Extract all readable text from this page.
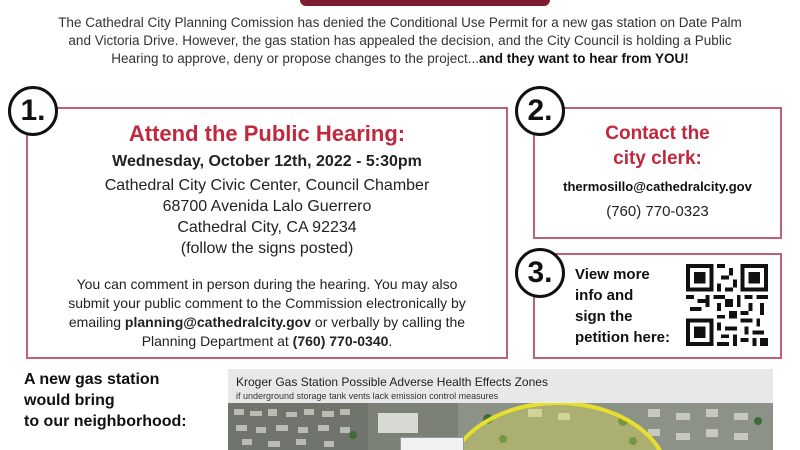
The Cathedral City Planning Comission has denied the Conditional Use Permit for a new gas station on Date Palm
and Victoria Drive. However, the gas station has appealed the decision, and the City Council is holding a Public
Hearing to approve, deny or propose changes to the project...and they want to hear from YOU!
Attend the Public Hearing:
Wednesday, October 12th, 2022 - 5:30pm
Cathedral City Civic Center, Council Chamber
68700 Avenida Lalo Guerrero
Cathedral City, CA 92234
(follow the signs posted)
You can comment in person during the hearing. You may also
submit your public comment to the Commission electronically by
emailing planning@cathedralcity.gov or verbally by calling the
Planning Department at (760) 770-0340.
1.
Contact the
city clerk:
thermosillo@cathedralcity.gov
(760) 770-0323
2.
View more
info and
sign the
petition here:
3.
A new gas station
would bring
to our neighborhood:
Kroger Gas Station Possible Adverse Health Effects Zones
if underground storage tank vents lack emission control measures
